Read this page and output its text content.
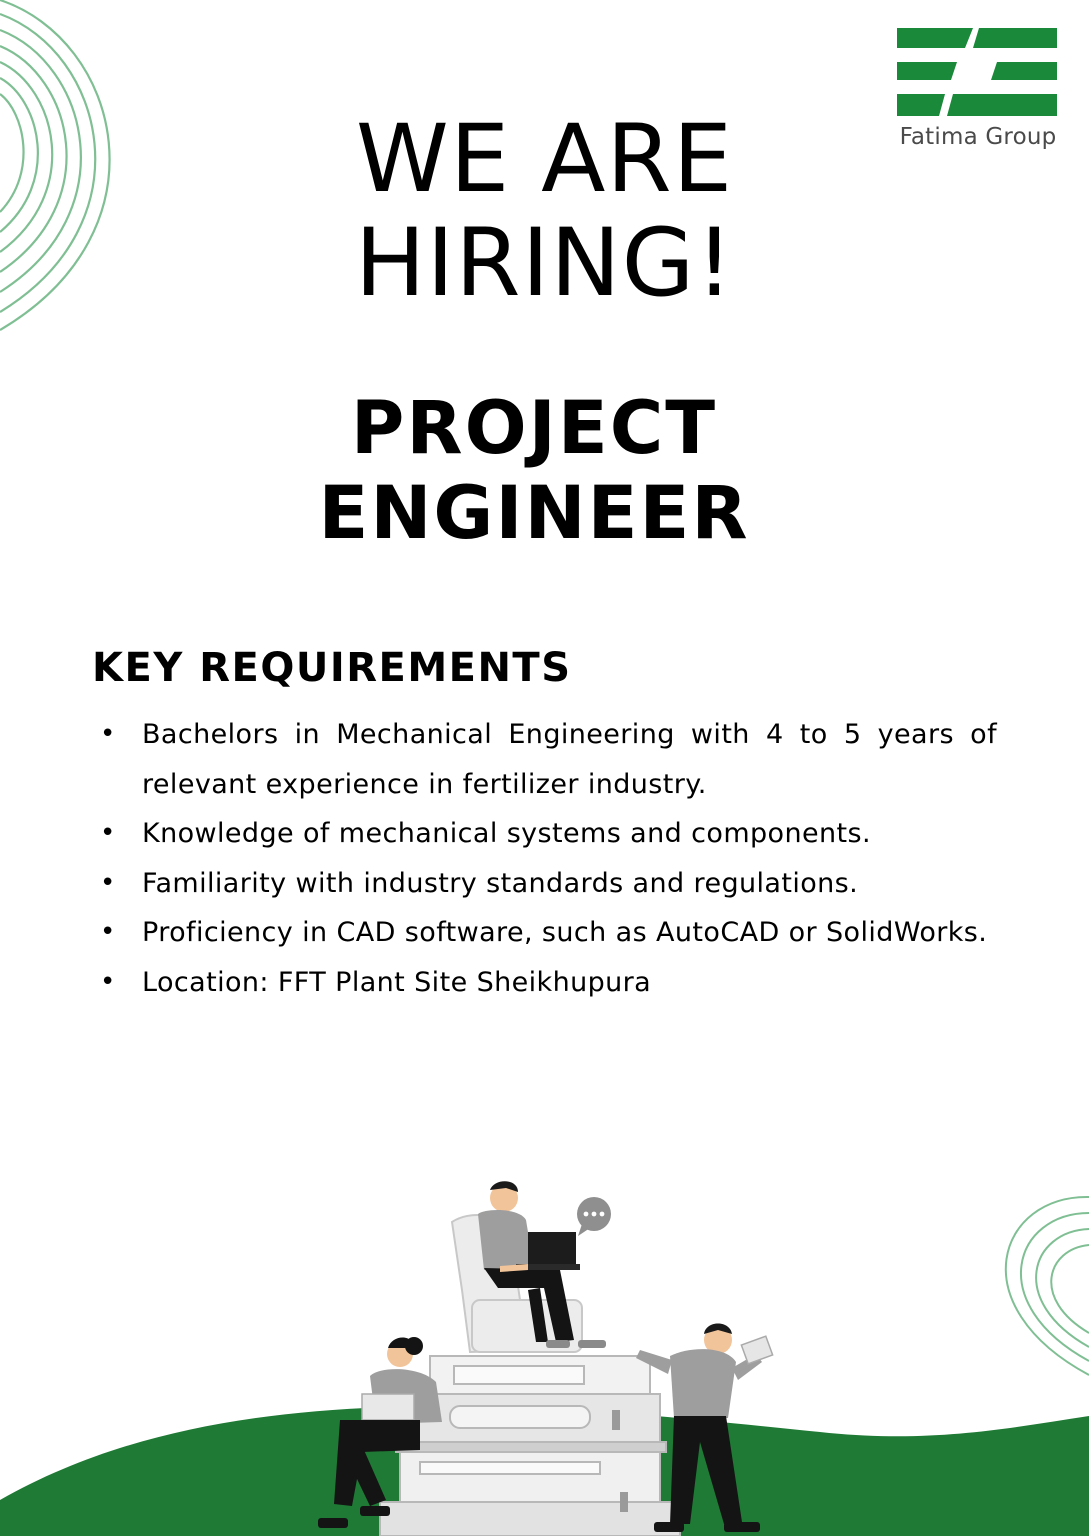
Fatima Group
WE ARE
HIRING!
PROJECT
ENGINEER
KEY REQUIREMENTS
• Bachelors in Mechanical Engineering with 4 to 5 years of relevant experience in fertilizer industry.
• Knowledge of mechanical systems and components.
• Familiarity with industry standards and regulations.
• Proficiency in CAD software, such as AutoCAD or SolidWorks.
• Location: FFT Plant Site Sheikhupura
